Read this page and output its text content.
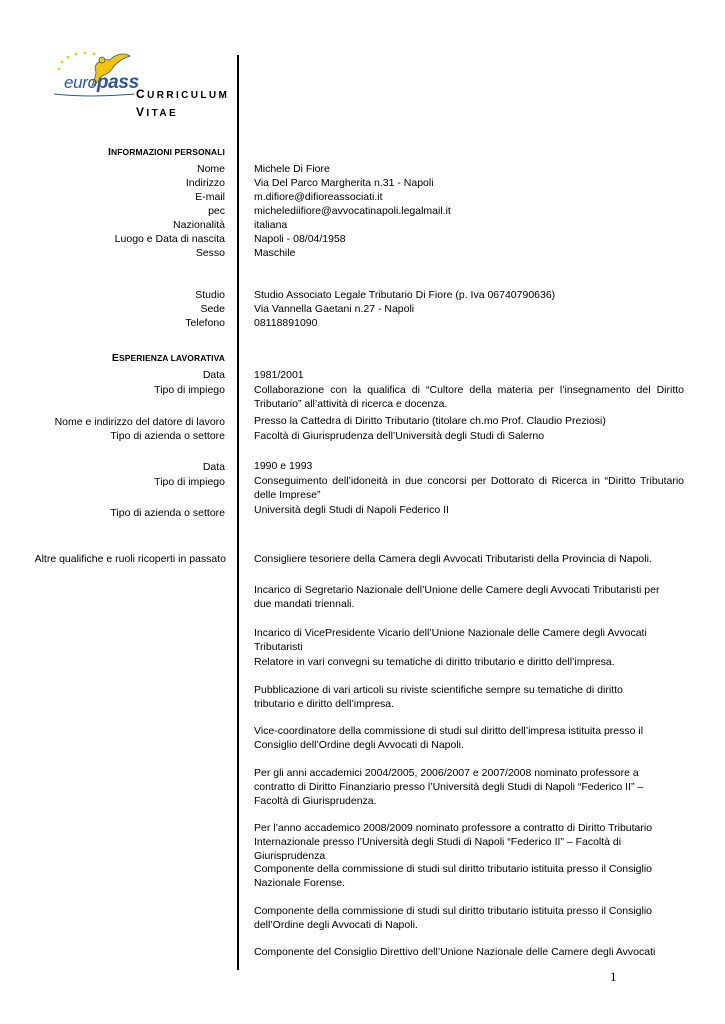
europass
CURRICULUM
VITAE
INFORMAZIONI PERSONALI
Nome	Michele Di Fiore
Indirizzo	Via Del Parco Margherita n.31 - Napoli
E-mail	m.difiore@difioreassociati.it
pec	michelediifiore@avvocatinapoli.legalmail.it
Nazionalità	italiana
Luogo e Data di nascita	Napoli - 08/04/1958
Sesso	Maschile
Studio	Studio Associato Legale Tributario Di Fiore (p. Iva 06740790636)
Sede	Via Vannella Gaetani n.27 - Napoli
Telefono	08118891090
ESPERIENZA LAVORATIVA
Data	1981/2001
Tipo di impiego	Collaborazione con la qualifica di “Cultore della materia per l’insegnamento del Diritto Tributario” all’attività di ricerca e docenza.
Nome e indirizzo del datore di lavoro	Presso la Cattedra di Diritto Tributario (titolare ch.mo Prof. Claudio Preziosi)
Tipo di azienda o settore	Facoltà di Giurisprudenza dell’Università degli Studi di Salerno
Data	1990 e 1993
Tipo di impiego	Conseguimento dell’idoneità in due concorsi per Dottorato di Ricerca in “Diritto Tributario delle Imprese”
Tipo di azienda o settore	Università degli Studi di Napoli Federico II
Altre qualifiche e ruoli ricoperti in passato	Consigliere tesoriere della Camera degli Avvocati Tributaristi della Provincia di Napoli.
Incarico di Segretario Nazionale dell’Unione delle Camere degli Avvocati Tributaristi per due mandati triennali.
Incarico di VicePresidente Vicario dell’Unione Nazionale delle Camere degli Avvocati Tributaristi
Relatore in vari convegni su tematiche di diritto tributario e diritto dell’impresa.
Pubblicazione di vari articoli su riviste scientifiche sempre su tematiche di diritto tributario e diritto dell’impresa.
Vice-coordinatore della commissione di studi sul diritto dell’impresa istituita presso il Consiglio dell’Ordine degli Avvocati di Napoli.
Per gli anni accademici 2004/2005, 2006/2007 e 2007/2008 nominato professore a contratto di Diritto Finanziario presso l’Università degli Studi di Napoli “Federico II” – Facoltà di Giurisprudenza.
Per l’anno accademico 2008/2009 nominato professore a contratto di Diritto Tributario Internazionale presso l’Università degli Studi di Napoli “Federico II” – Facoltà di Giurisprudenza
Componente della commissione di studi sul diritto tributario istituita presso il Consiglio Nazionale Forense.
Componente della commissione di studi sul diritto tributario istituita presso il Consiglio dell’Ordine degli Avvocati di Napoli.
Componente del Consiglio Direttivo dell’Unione Nazionale delle Camere degli Avvocati
1
